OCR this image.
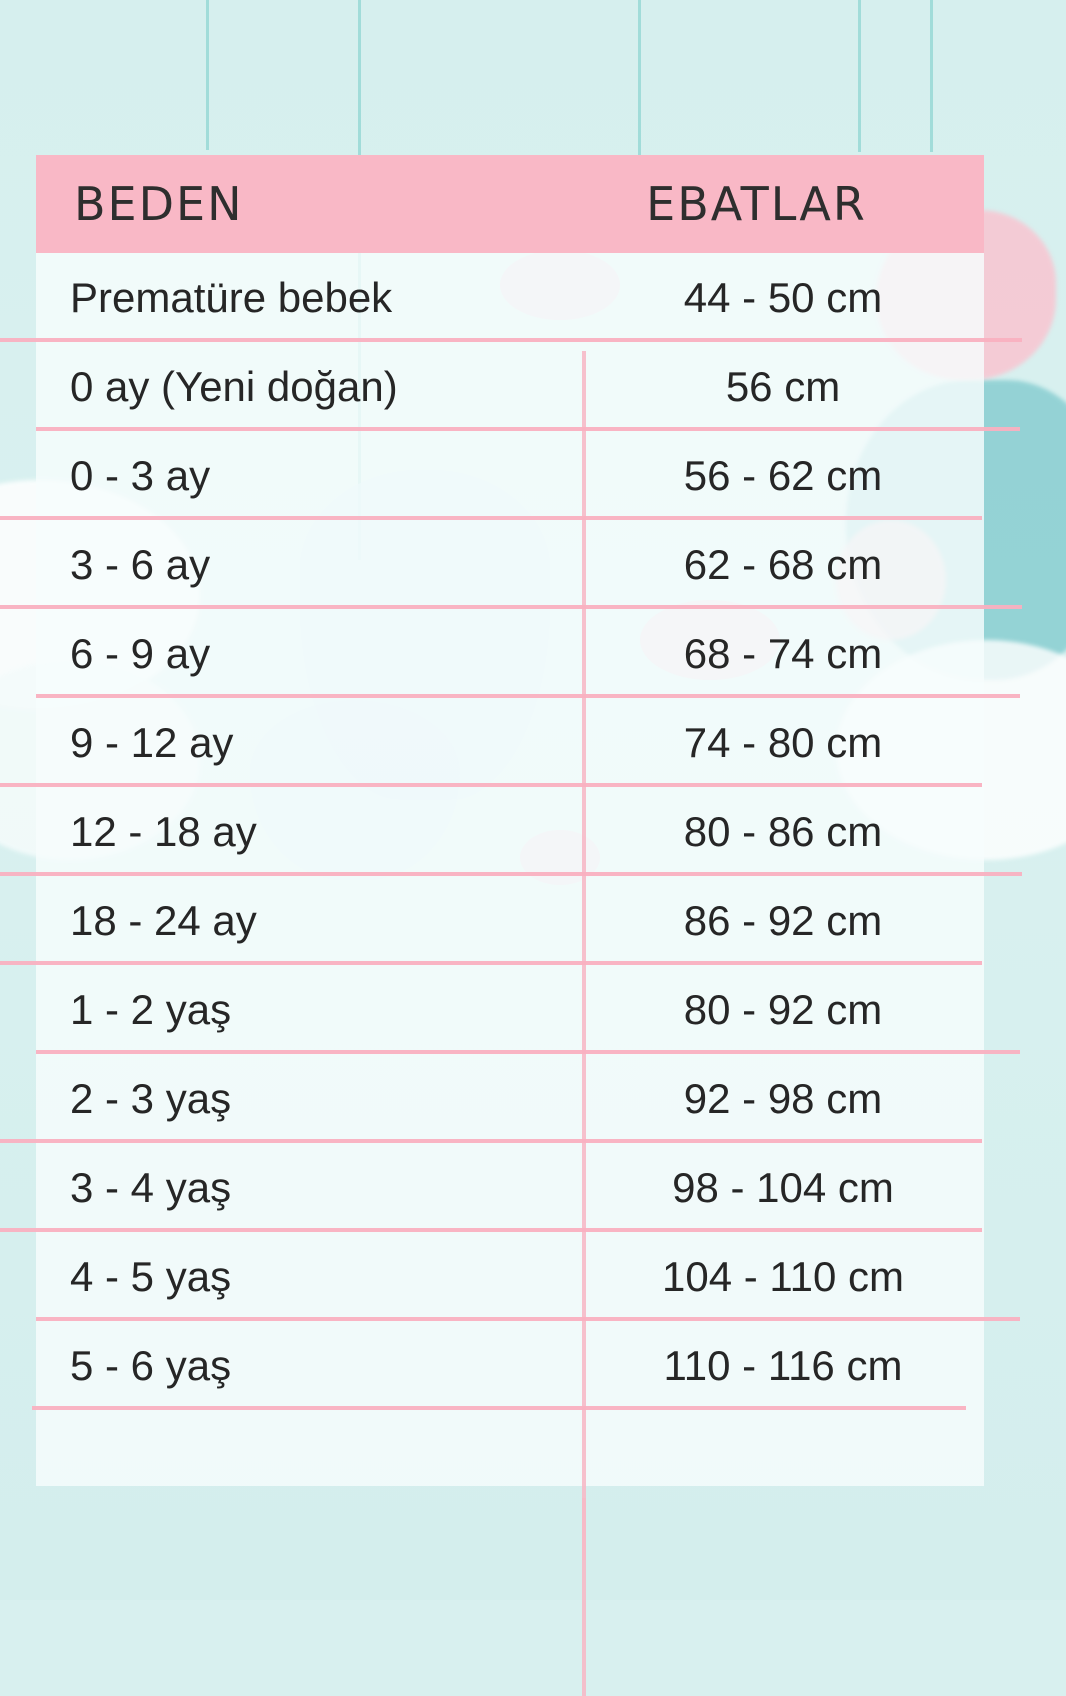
BEDEN	EBATLAR
Prematüre bebek	44 - 50 cm
0 ay (Yeni doğan)	56 cm
0 - 3 ay	56 - 62 cm
3 - 6 ay	62 - 68 cm
6 - 9 ay	68 - 74 cm
9 - 12 ay	74 - 80 cm
12 - 18 ay	80 - 86 cm
18 - 24 ay	86 - 92 cm
1 - 2 yaş	80 - 92 cm
2 - 3 yaş	92 - 98 cm
3 - 4 yaş	98 - 104 cm
4 - 5 yaş	104 - 110 cm
5 - 6 yaş	110 - 116 cm
